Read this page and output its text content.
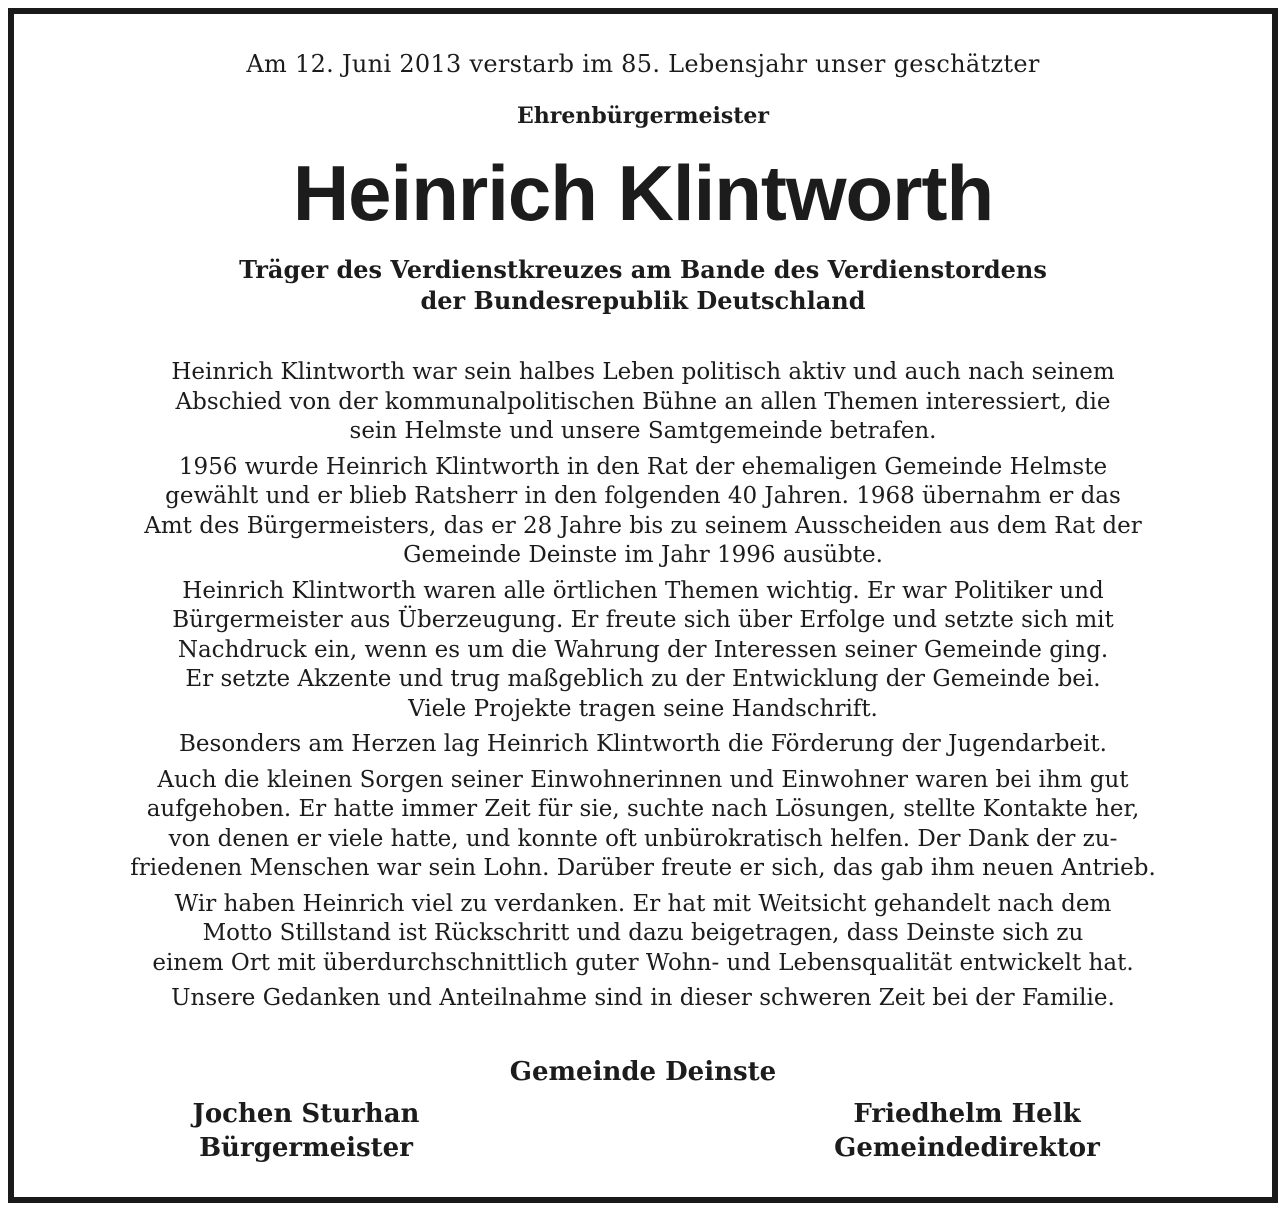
Am 12. Juni 2013 verstarb im 85. Lebensjahr unser geschätzter
Ehrenbürgermeister
Heinrich Klintworth
Träger des Verdienstkreuzes am Bande des Verdienstordens
der Bundesrepublik Deutschland
Heinrich Klintworth war sein halbes Leben politisch aktiv und auch nach seinem
Abschied von der kommunalpolitischen Bühne an allen Themen interessiert, die
sein Helmste und unsere Samtgemeinde betrafen.
1956 wurde Heinrich Klintworth in den Rat der ehemaligen Gemeinde Helmste
gewählt und er blieb Ratsherr in den folgenden 40 Jahren. 1968 übernahm er das
Amt des Bürgermeisters, das er 28 Jahre bis zu seinem Ausscheiden aus dem Rat der
Gemeinde Deinste im Jahr 1996 ausübte.
Heinrich Klintworth waren alle örtlichen Themen wichtig. Er war Politiker und
Bürgermeister aus Überzeugung. Er freute sich über Erfolge und setzte sich mit
Nachdruck ein, wenn es um die Wahrung der Interessen seiner Gemeinde ging.
Er setzte Akzente und trug maßgeblich zu der Entwicklung der Gemeinde bei.
Viele Projekte tragen seine Handschrift.
Besonders am Herzen lag Heinrich Klintworth die Förderung der Jugendarbeit.
Auch die kleinen Sorgen seiner Einwohnerinnen und Einwohner waren bei ihm gut
aufgehoben. Er hatte immer Zeit für sie, suchte nach Lösungen, stellte Kontakte her,
von denen er viele hatte, und konnte oft unbürokratisch helfen. Der Dank der zu-
friedenen Menschen war sein Lohn. Darüber freute er sich, das gab ihm neuen Antrieb.
Wir haben Heinrich viel zu verdanken. Er hat mit Weitsicht gehandelt nach dem
Motto Stillstand ist Rückschritt und dazu beigetragen, dass Deinste sich zu
einem Ort mit überdurchschnittlich guter Wohn- und Lebensqualität entwickelt hat.
Unsere Gedanken und Anteilnahme sind in dieser schweren Zeit bei der Familie.
Gemeinde Deinste
Jochen Sturhan
Bürgermeister
Friedhelm Helk
Gemeindedirektor
